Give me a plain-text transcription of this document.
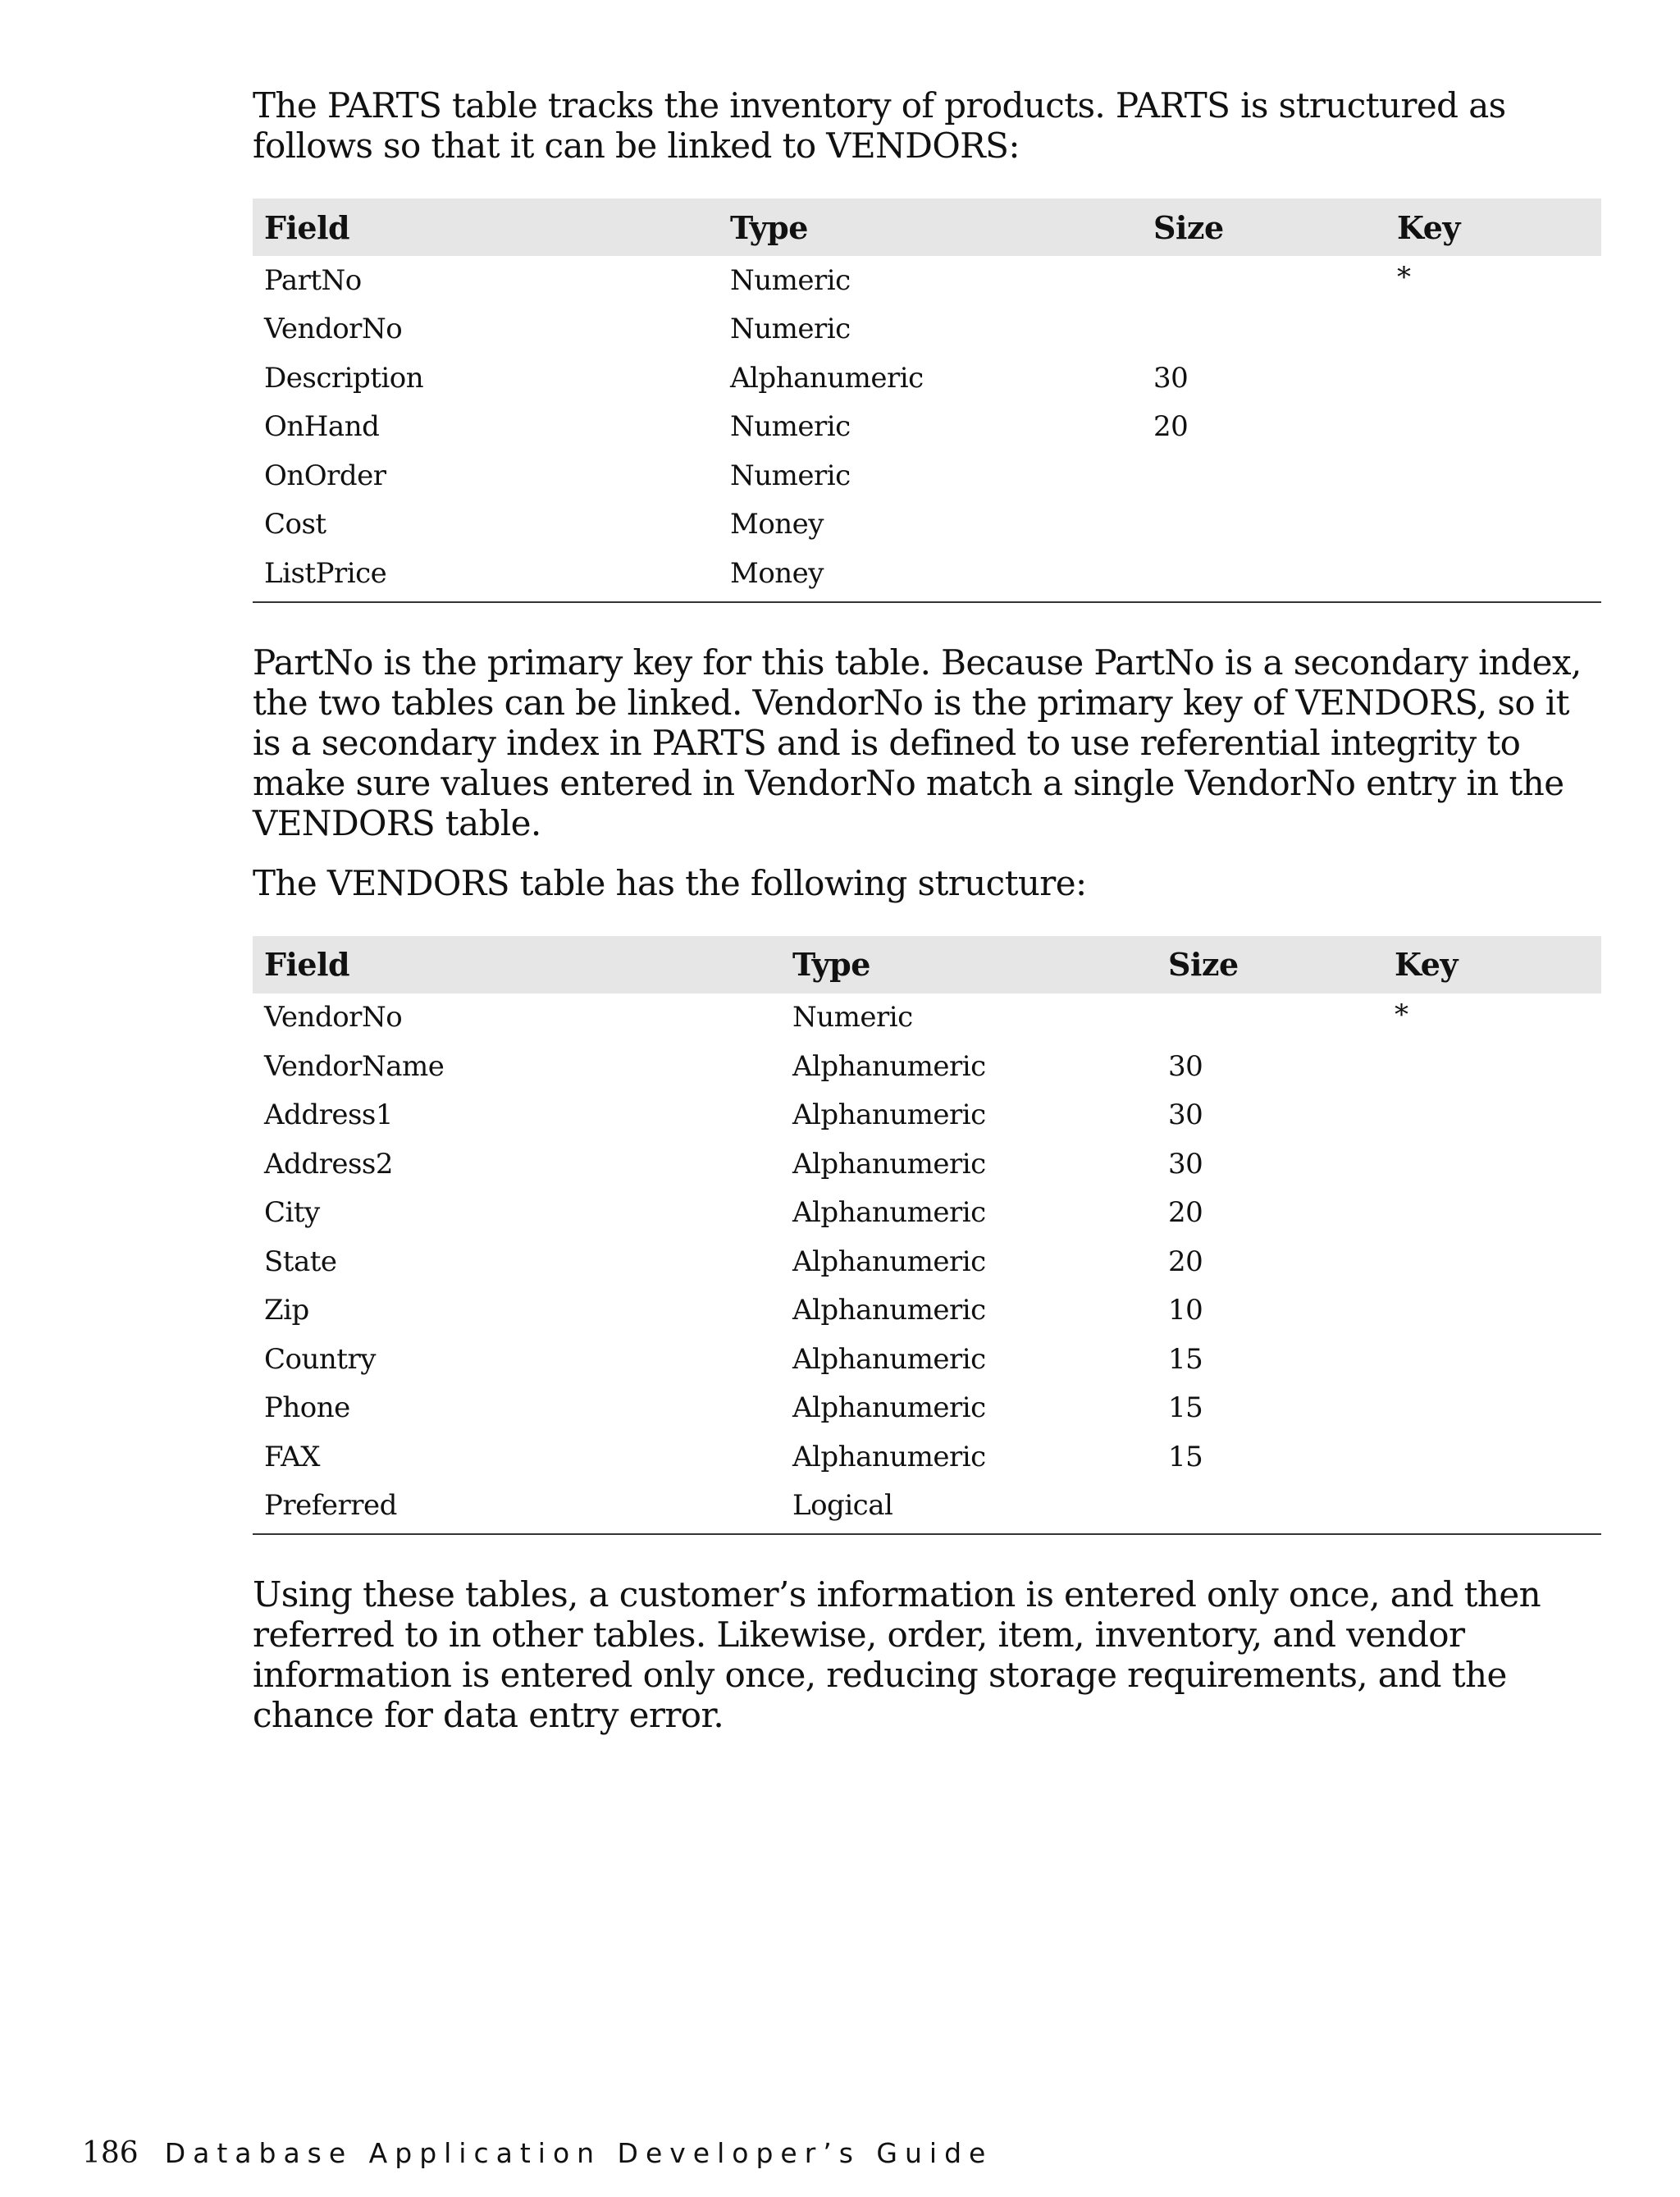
The PARTS table tracks the inventory of products. PARTS is structured as follows so that it can be linked to VENDORS:

Field	Type	Size	Key
PartNo	Numeric		*
VendorNo	Numeric		
Description	Alphanumeric	30	
OnHand	Numeric	20	
OnOrder	Numeric		
Cost	Money		
ListPrice	Money		

PartNo is the primary key for this table. Because PartNo is a secondary index, the two tables can be linked. VendorNo is the primary key of VENDORS, so it is a secondary index in PARTS and is defined to use referential integrity to make sure values entered in VendorNo match a single VendorNo entry in the VENDORS table.

The VENDORS table has the following structure:

Field	Type	Size	Key
VendorNo	Numeric		*
VendorName	Alphanumeric	30	
Address1	Alphanumeric	30	
Address2	Alphanumeric	30	
City	Alphanumeric	20	
State	Alphanumeric	20	
Zip	Alphanumeric	10	
Country	Alphanumeric	15	
Phone	Alphanumeric	15	
FAX	Alphanumeric	15	
Preferred	Logical		

Using these tables, a customer’s information is entered only once, and then referred to in other tables. Likewise, order, item, inventory, and vendor information is entered only once, reducing storage requirements, and the chance for data entry error.

186 Database Application Developer’s Guide
